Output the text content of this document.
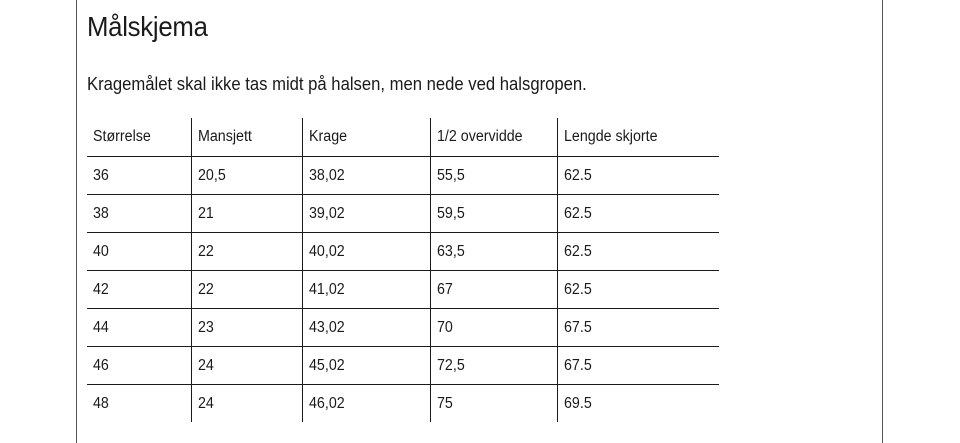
Målskjema

Kragemålet skal ikke tas midt på halsen, men nede ved halsgropen.

Størrelse	Mansjett	Krage	1/2 overvidde	Lengde skjorte
36	20,5	38,02	55,5	62.5
38	21	39,02	59,5	62.5
40	22	40,02	63,5	62.5
42	22	41,02	67	62.5
44	23	43,02	70	67.5
46	24	45,02	72,5	67.5
48	24	46,02	75	69.5
